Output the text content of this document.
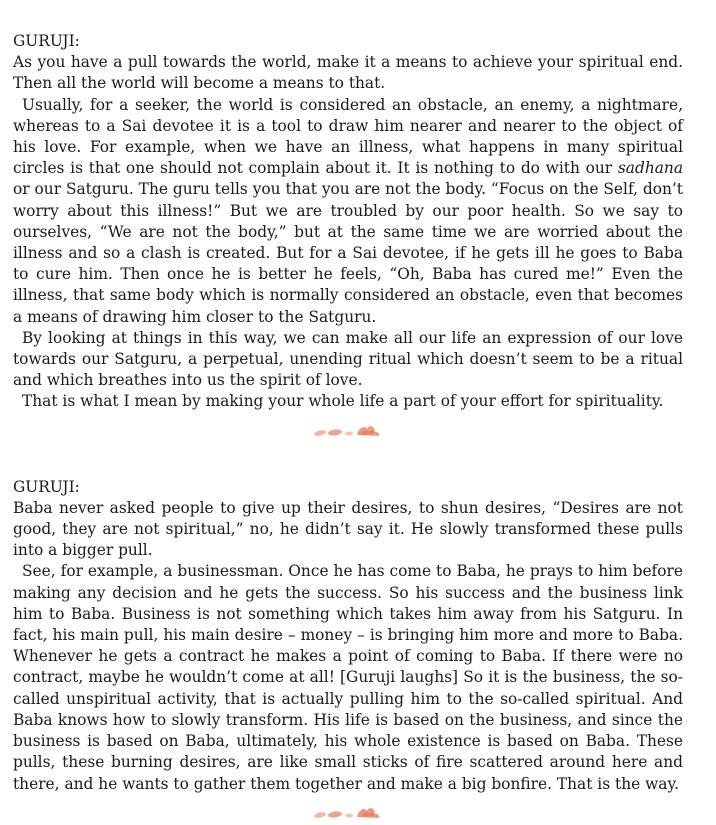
GURUJI:

As you have a pull towards the world, make it a means to achieve your spiritual end. Then all the world will become a means to that.

Usually, for a seeker, the world is considered an obstacle, an enemy, a nightmare, whereas to a Sai devotee it is a tool to draw him nearer and nearer to the object of his love. For example, when we have an illness, what happens in many spiritual circles is that one should not complain about it. It is nothing to do with our sadhana or our Satguru. The guru tells you that you are not the body. “Focus on the Self, don’t worry about this illness!” But we are troubled by our poor health. So we say to ourselves, “We are not the body,” but at the same time we are worried about the illness and so a clash is created. But for a Sai devotee, if he gets ill he goes to Baba to cure him. Then once he is better he feels, “Oh, Baba has cured me!” Even the illness, that same body which is normally considered an obstacle, even that becomes a means of drawing him closer to the Satguru.

By looking at things in this way, we can make all our life an expression of our love towards our Satguru, a perpetual, unending ritual which doesn’t seem to be a ritual and which breathes into us the spirit of love.

That is what I mean by making your whole life a part of your effort for spirituality.

GURUJI:

Baba never asked people to give up their desires, to shun desires, “Desires are not good, they are not spiritual,” no, he didn’t say it. He slowly transformed these pulls into a bigger pull.

See, for example, a businessman. Once he has come to Baba, he prays to him before making any decision and he gets the success. So his success and the business link him to Baba. Business is not something which takes him away from his Satguru. In fact, his main pull, his main desire – money – is bringing him more and more to Baba. Whenever he gets a contract he makes a point of coming to Baba. If there were no contract, maybe he wouldn’t come at all! [Guruji laughs] So it is the business, the so-called unspiritual activity, that is actually pulling him to the so-called spiritual. And Baba knows how to slowly transform. His life is based on the business, and since the business is based on Baba, ultimately, his whole existence is based on Baba. These pulls, these burning desires, are like small sticks of fire scattered around here and there, and he wants to gather them together and make a big bonfire. That is the way.
